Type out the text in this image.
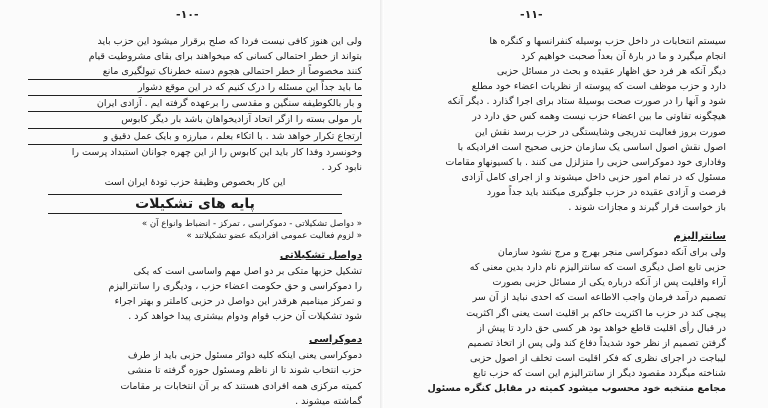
-۱۰-
ولی این هنوز کافی نیست فردا که صلح برقرار میشود این حزب باید
بتواند از خطر احتمالی کسانی که میخواهند برای بقای مشروطیت قیام
کنند مخصوصاً از خطر احتمالی هجوم دسته خطرناک تیولگیری مانع
ما باید جداً این مسئله را درک کنیم که در این موقع دشوار
و بار بالکوطیفه سنگین و مقدسی را برعهده گرفته ایم . آزادی ایران
بار مولی بسته را ازگر اتحاد آزادیخواهان باشد بار دیگر کابوس
ارتجاع تکرار خواهد شد . با اتکاء بعلم ، مبارزه و بایک عمل دقیق و
وخونسرد وفدا کار باید این کابوس را از این چهره جوانان استبداد پرست را
نابود کرد .
این کار بخصوص وظیفهٔ حزب تودهٔ ایران است
پایه های تشکیلات
« دواصل تشکیلاتی - دموکراسی ، تمرکز - انضباط وانواع آن »
« لزوم فعالیت عمومی افرادیکه عضو تشکیلاتند »
دواصل تشکیلاتی
تشکیل حزبها متکی بر دو اصل مهم واساسی است که یکی
را دموکراسی و حق حکومت اعضاء حزب ، ودیگری را سانترالیزم
و تمرکز مینامیم هرقدر این دواصل در حزبی کاملتر و بهتر اجراء
شود تشکیلات آن حزب قوام ودوام بیشتری پیدا خواهد کرد .
دموکراسی
دموکراسی یعنی اینکه کلیه دوائر مسئول حزبی باید از طرف
حزب انتخاب شوند تا از ناظم ومسئول حوزه گرفته تا منشی
کمیته مرکزی همه افرادی هستند که بر آن انتخابات بر مقامات
گماشته میشوند .
-۱۱-
سیستم انتخابات در داخل حزب بوسیله کنفرانسها و کنگره ها
انجام میگیرد و ما در بارهٔ آن بعداً صحبت خواهیم کرد
دیگر آنکه هر فرد حق اظهار عقیده و بحث در مسائل حزبی
دارد و حزب موظف است که پیوسته از نظریات اعضاء خود مطلع
شود و آنها را در صورت صحت بوسیلهٔ ستاد برای اجرا گذارد . دیگر آنکه
هیچگونه تفاوتی ما بین اعضاء حزب نیست وهمه کس حق دارد در
صورت بروز فعالیت تدریجی وشایستگی در حزب برسد نقش این
اصول نقش اصول اساسی یک سازمان حزبی صحیح است افرادیکه با
وفاداری خود دموکراسی حزبی را متزلزل می کنند . با کسیونهاو مقامات
مسئول که در تمام امور حزبی داخل میشوند و از اجرای کامل آزادی
فرصت و آزادی عقیده در حزب جلوگیری میکنند باید جداً مورد
باز خواست قرار گیرند و مجازات شوند .
سانترالیزم
ولی برای آنکه دموکراسی منجر بهرج و مرج نشود سازمان
حزبی تابع اصل دیگری است که سانترالیزم نام دارد بدین معنی که
آراء واقلیت پس از آنکه درباره یکی از مسائل حزبی بصورت
تصمیم درآمد فرمان واجب الاطاعه است که احدی نباید از آن سر
پیچی کند در حزب ما اکثریت حاکم بر اقلیت است یعنی اگر اکثریت
در قبال رأی اقلیت قاطع خواهد بود هر کسی حق دارد تا پیش از
گرفتن تصمیم از نظر خود شدیداً دفاع کند ولی پس از اتخاذ تصمیم
لیباجت در اجرای نظری که فکر اقلیت است تخلف از اصول حزبی
شناخته میگردد مقصود دیگر از سانترالیزم این است که حزب تابع
مجامع منتخبه خود محسوب میشود کمیته در مقابل کنگره مسئول
